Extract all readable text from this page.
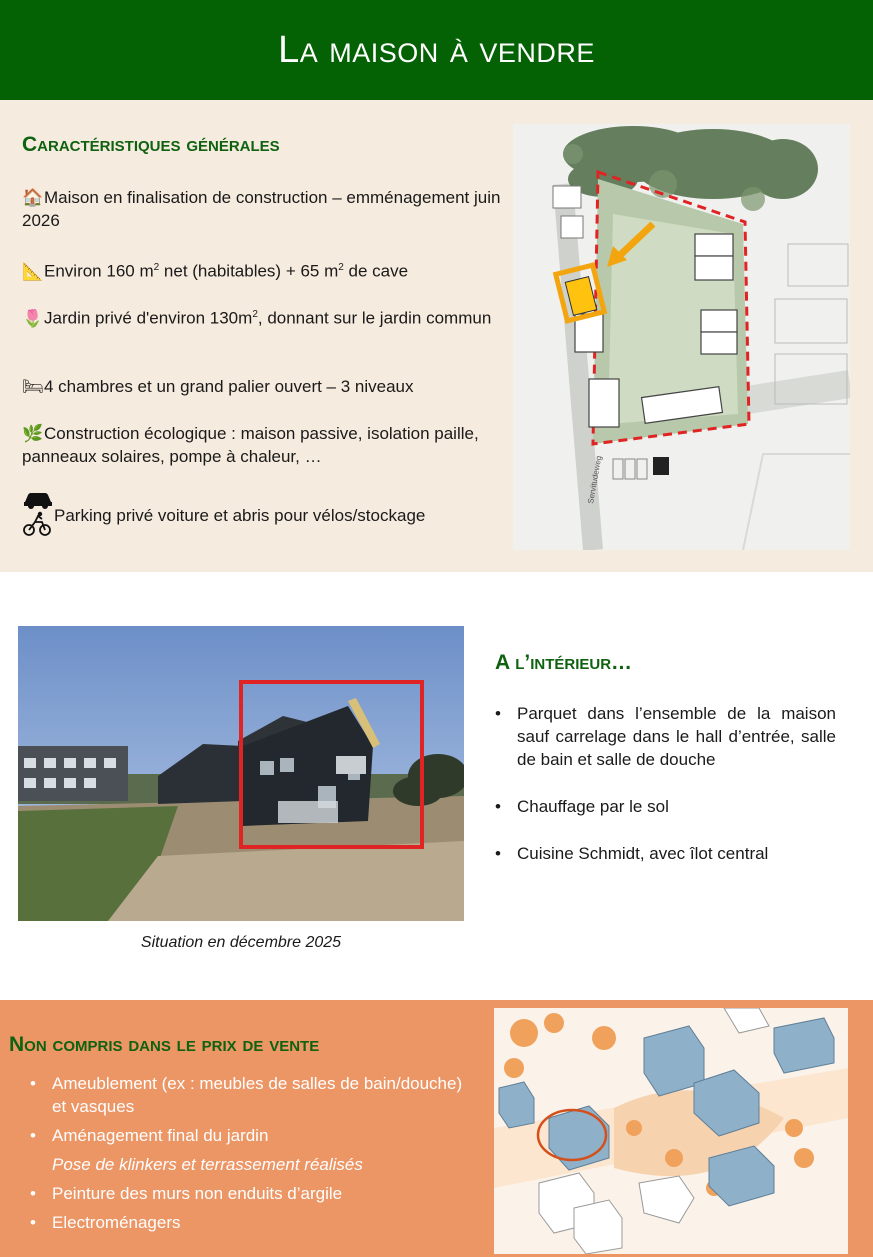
La maison à vendre

Caractéristiques générales

🏠Maison en finalisation de construction – emménagement juin 2026
📐Environ 160 $m^2$ net (habitables) + 65 $m^2$ de cave
🌷Jardin privé d'environ $130m^2$, donnant sur le jardin commun
🛏4 chambres et un grand palier ouvert – 3 niveaux
🌿Construction écologique : maison passive, isolation paille, panneaux solaires, pompe à chaleur, …
Parking privé voiture et abris pour vélos/stockage
Servitudeweg
Situation en décembre 2025

A l’intérieur…

• Parquet dans l’ensemble de la maison sauf carrelage dans le hall d’entrée, salle de bain et salle de douche
• Chauffage par le sol
• Cuisine Schmidt, avec îlot central

Non compris dans le prix de vente

• Ameublement (ex : meubles de salles de bain/douche) et vasques
• Aménagement final du jardin
Pose de klinkers et terrassement réalisés
• Peinture des murs non enduits d’argile
• Electroménagers
